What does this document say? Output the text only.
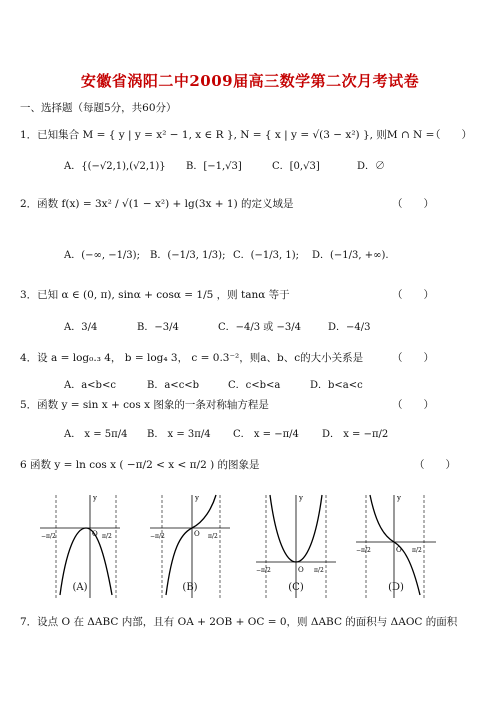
安徽省涡阳二中2009届高三数学第二次月考试卷
一、选择题（每题5分，共60分）
1．已知集合 M = { y | y = x² − 1, x ∈ R }, N = { x | y = √(3 − x²) }, 则M ∩ N =
（　　）
A．{(−√2,1),(√2,1)} B．[−1,√3]	C．[0,√3]	D．∅
2．函数 f(x) = 3x² / √(1 − x²) + lg(3x + 1) 的定义域是	（　　）
A．(−∞, −1/3); B．(−1/3, 1/3); C．(−1/3, 1); D．(−1/3, +∞).
3．已知 α ∈ (0, π), sinα + cosα = 1/5 ，则 tanα 等于	（　　）
A．3/4	B．−3/4	C．−4/3 或 −3/4	D．−4/3
4．设 a = log₀.₃ 4， b = log₄ 3， c = 0.3⁻²，则a、b、c的大小关系是	（　　）
A．a<b<c	B．a<c<b	C．c<b<a	D．b<a<c
5．函数 y = sin x + cos x 图象的一条对称轴方程是	（　　）
A． x = 5π/4 B． x = 3π/4 C． x = −π/4 D． x = −π/2
6 函数 y = ln cos x ( −π/2 < x < π/2 ) 的图象是	（　　）
y
O
−π/2	π/2
(A)
y
O
−π/2	π/2
(B)
y
O
−π/2	π/2
(C)
y
O
−π/2	π/2
(D)
7．设点 O 在 ΔABC 内部，且有 OA + 2OB + OC = 0，则 ΔABC 的面积与 ΔAOC 的面积
